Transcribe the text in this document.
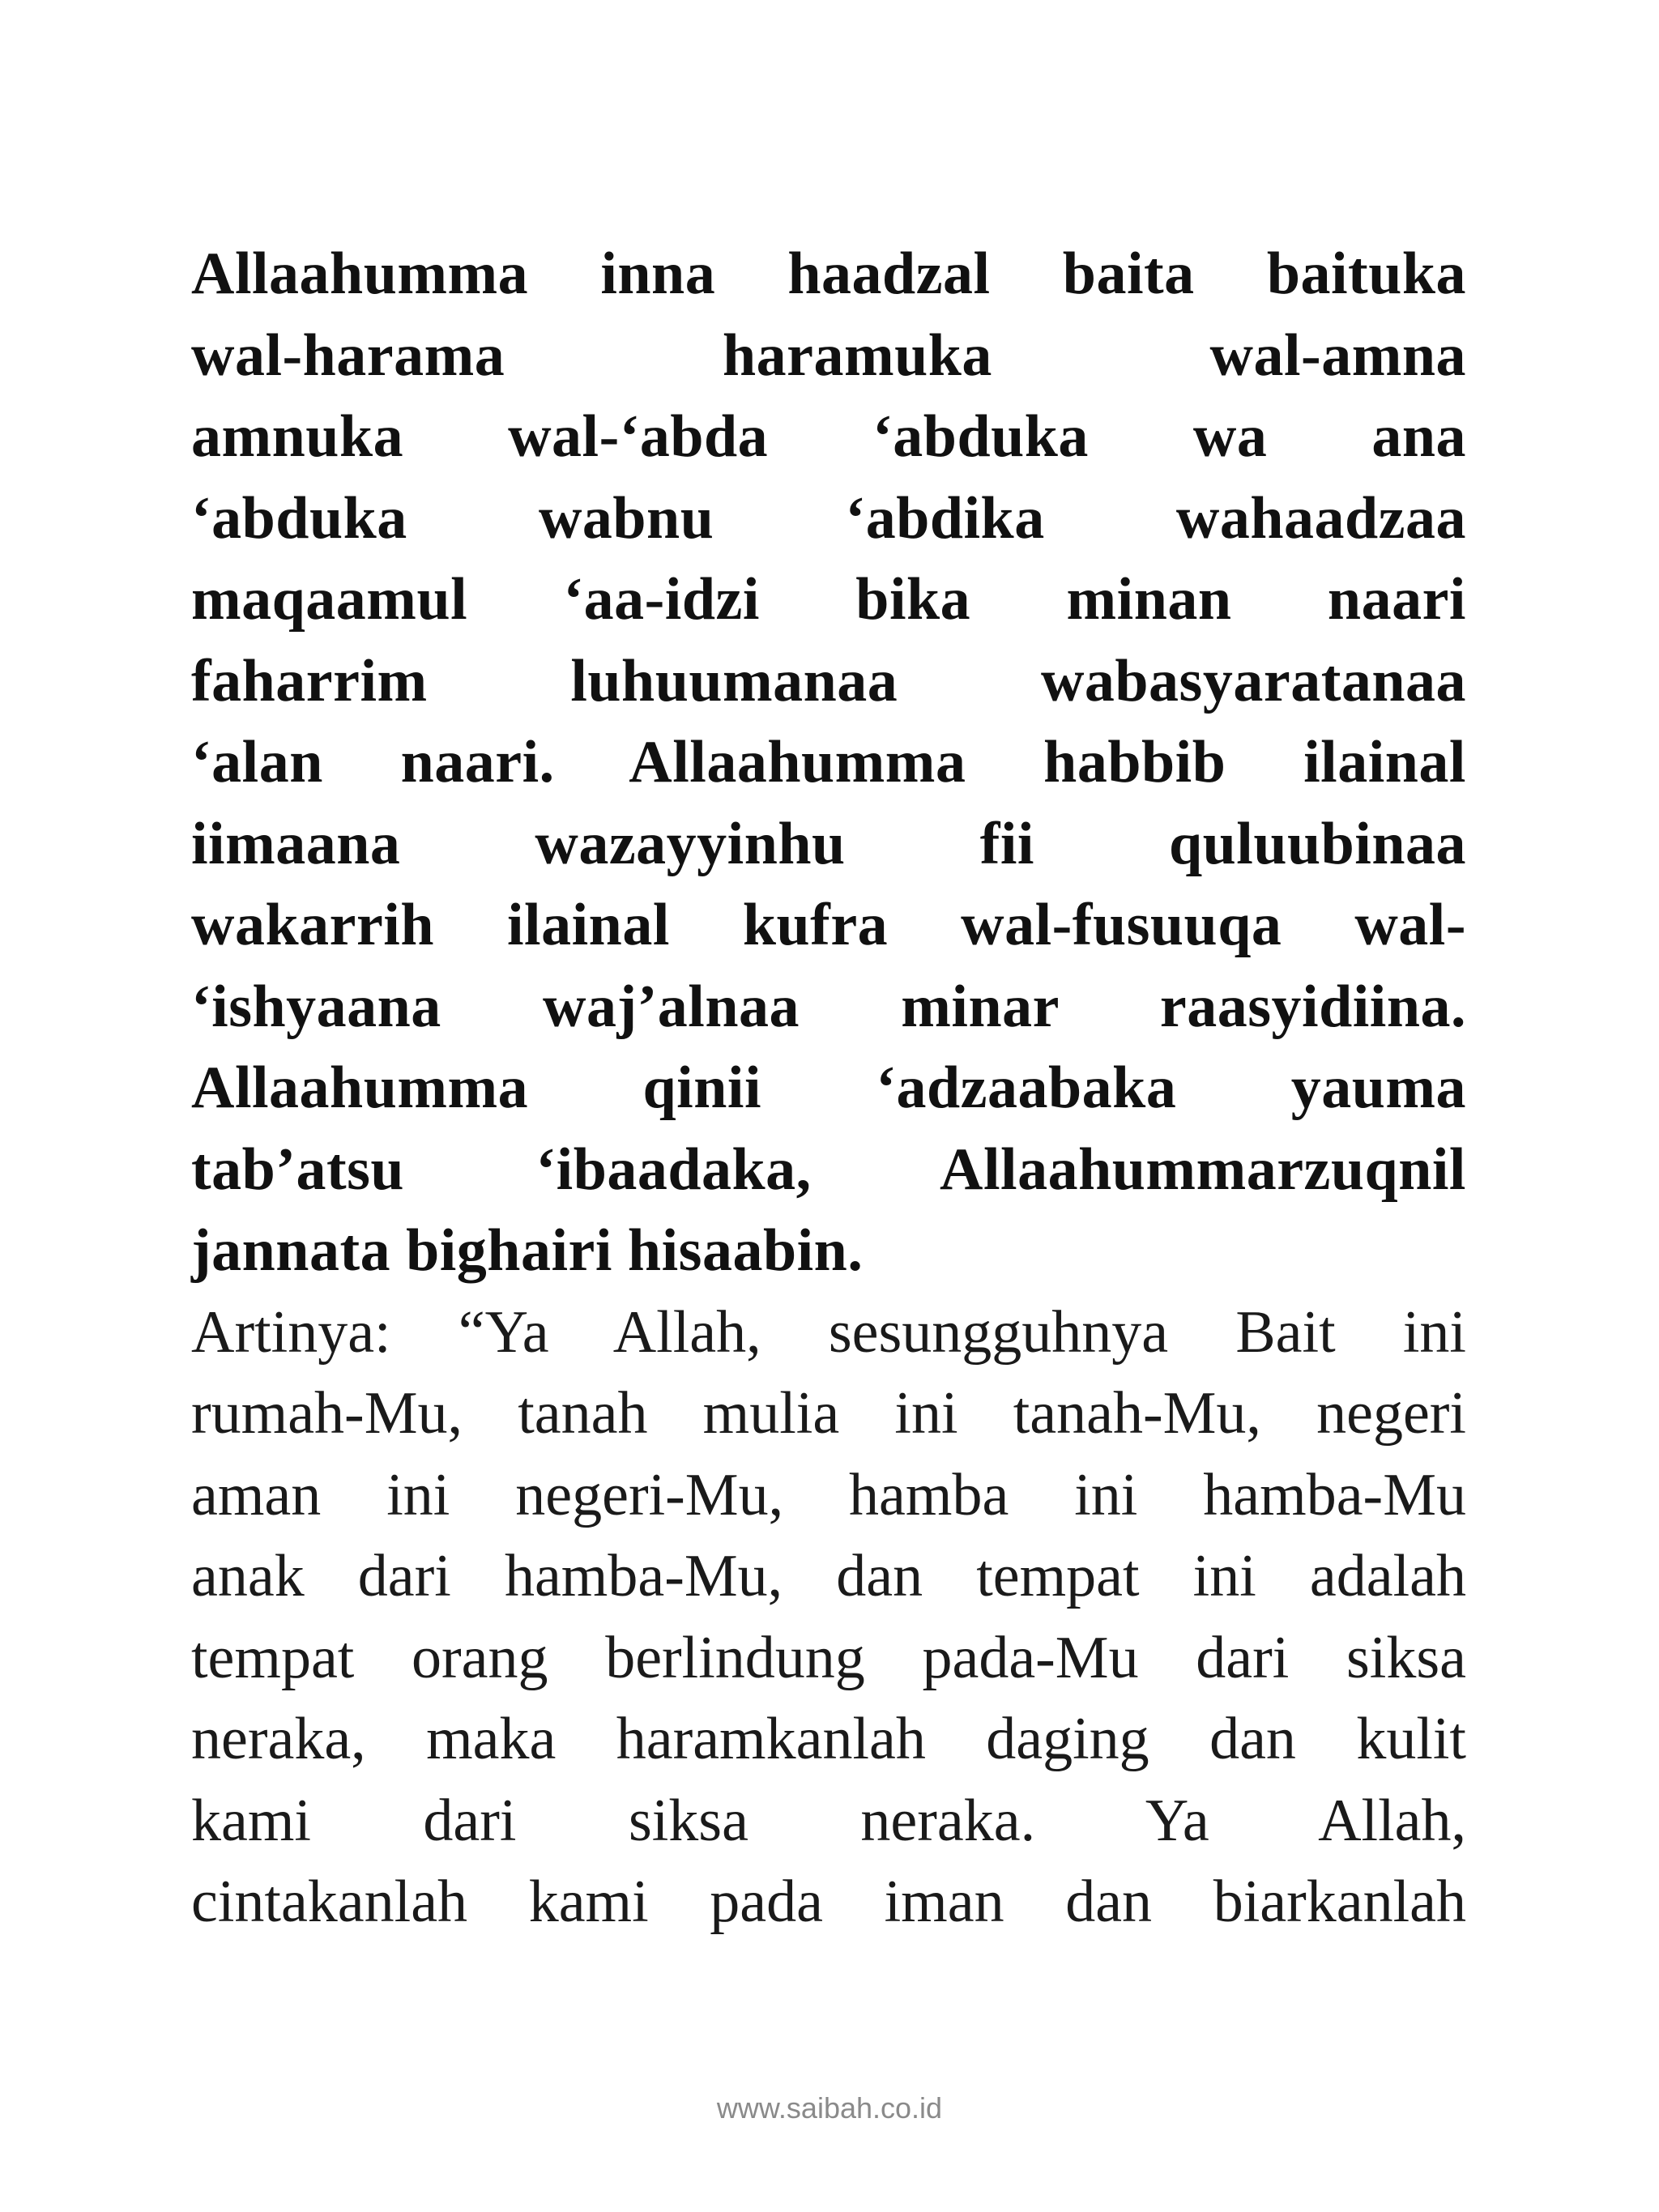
Allaahumma inna haadzal baita baituka
wal-harama haramuka wal-amna
amnuka wal-‘abda ‘abduka wa ana
‘abduka wabnu ‘abdika wahaadzaa
maqaamul ‘aa-idzi bika minan naari
faharrim luhuumanaa wabasyaratanaa
‘alan naari. Allaahumma habbib ilainal
iimaana wazayyinhu fii quluubinaa
wakarrih ilainal kufra wal-fusuuqa wal-
‘ishyaana waj’alnaa minar raasyidiina.
Allaahumma qinii ‘adzaabaka yauma
tab’atsu ‘ibaadaka, Allaahummarzuqnil
jannata bighairi hisaabin.
Artinya: “Ya Allah, sesungguhnya Bait ini
rumah-Mu, tanah mulia ini tanah-Mu, negeri
aman ini negeri-Mu, hamba ini hamba-Mu
anak dari hamba-Mu, dan tempat ini adalah
tempat orang berlindung pada-Mu dari siksa
neraka, maka haramkanlah daging dan kulit
kami dari siksa neraka. Ya Allah,
cintakanlah kami pada iman dan biarkanlah
www.saibah.co.id
